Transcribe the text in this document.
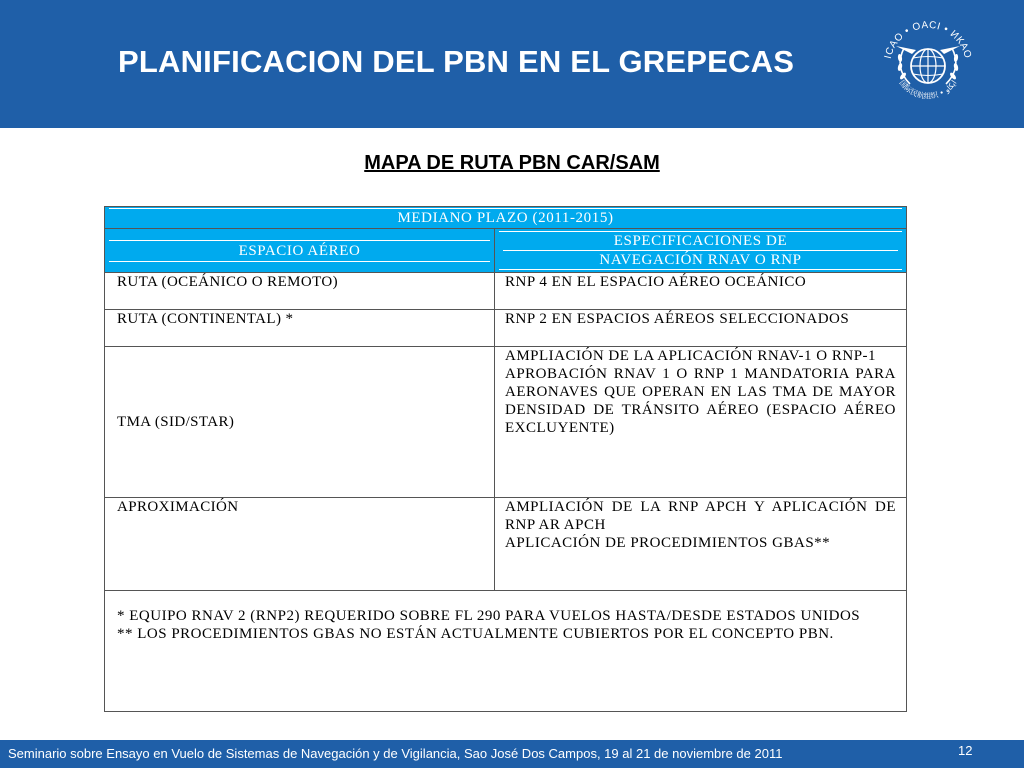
PLANIFICACION DEL PBN EN EL GREPECAS	ICAO • OACI • ИКАО
国际民航组织 • ايكاو
MAPA DE RUTA PBN CAR/SAM
MEDIANO PLAZO (2011-2015)	

ESPACIO AÉREO	ESPECIFICACIONES DE
NAVEGACIÓN RNAV O RNP

RUTA (OCEÁNICO O REMOTO)	RNP 4 EN EL ESPACIO AÉREO OCEÁNICO
RUTA (CONTINENTAL) *	RNP 2 EN ESPACIOS AÉREOS SELECCIONADOS
TMA (SID/STAR)	AMPLIACIÓN DE LA APLICACIÓN RNAV-1 O RNP-1

APROBACIÓN RNAV 1 O RNP 1 MANDATORIA PARA AERONAVES QUE OPERAN EN LAS TMA DE MAYOR DENSIDAD DE TRÁNSITO AÉREO (ESPACIO AÉREO EXCLUYENTE)

APROXIMACIÓN	AMPLIACIÓN DE LA RNP APCH Y APLICACIÓN DE RNP AR APCH

APLICACIÓN DE PROCEDIMIENTOS GBAS**

* EQUIPO RNAV 2 (RNP2) REQUERIDO SOBRE FL 290 PARA VUELOS HASTA/DESDE ESTADOS UNIDOS

** LOS PROCEDIMIENTOS GBAS NO ESTÁN ACTUALMENTE CUBIERTOS POR EL CONCEPTO PBN.	

Seminario sobre Ensayo en Vuelo de Sistemas de Navegación y de Vigilancia, Sao José Dos Campos, 19 al 21 de noviembre de 2011	12
